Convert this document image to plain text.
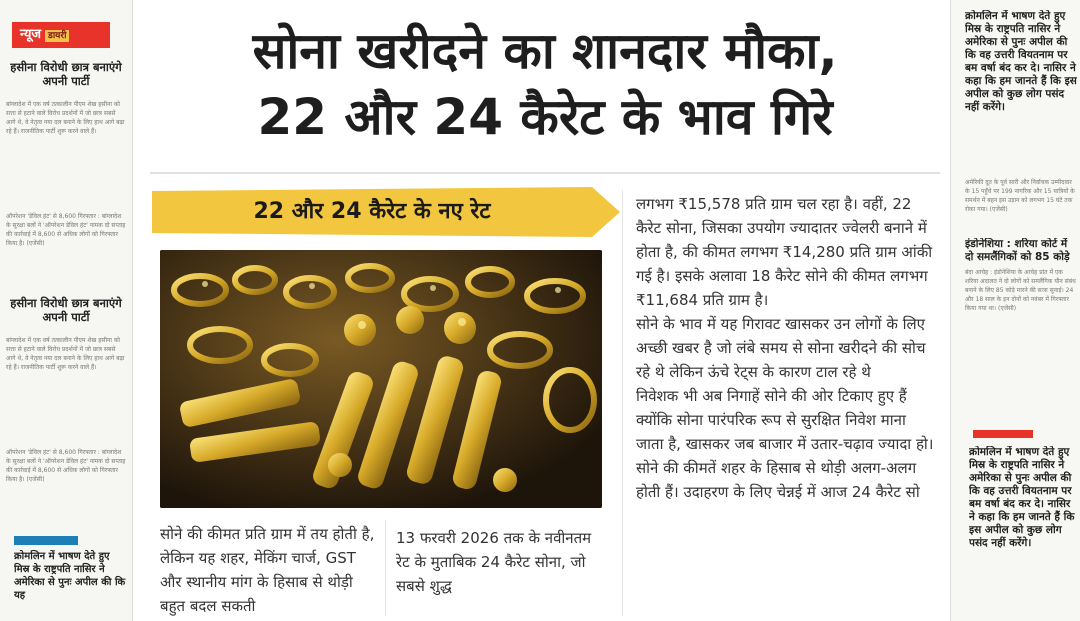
न्यूज डायरी
हसीना विरोधी छात्र बनाएंगे अपनी पार्टी
बांग्लादेश में एक वर्ष तत्कालीन पीएम शेख हसीना को सत्ता से हटाने वाले विरोध प्रदर्शनों में जो छात्र सबसे आगे थे, वे नेतृत्व नया दल बनाने के लिए हाथ आगे बढ़ा रहे हैं। राजनीतिक पार्टी शुरू करने वाले हैं।
ऑपरेशन 'डेविल हंट' से 8,600 गिरफ्तार : बांग्लादेश के सुरक्षा बलों ने 'ऑपरेशन डेविल हंट' नामक दो सप्ताह की कार्रवाई में 8,600 से अधिक लोगों को गिरफ्तार किया है। (एजेंसी)
हसीना विरोधी छात्र बनाएंगे अपनी पार्टी
बांग्लादेश में एक वर्ष तत्कालीन पीएम शेख हसीना को सत्ता से हटाने वाले विरोध प्रदर्शनों में जो छात्र सबसे आगे थे, वे नेतृत्व नया दल बनाने के लिए हाथ आगे बढ़ा रहे हैं। राजनीतिक पार्टी शुरू करने वाले हैं।
ऑपरेशन 'डेविल हंट' से 8,600 गिरफ्तार : बांग्लादेश के सुरक्षा बलों ने 'ऑपरेशन डेविल हंट' नामक दो सप्ताह की कार्रवाई में 8,600 से अधिक लोगों को गिरफ्तार किया है। (एजेंसी)
क्रोमलिन में भाषण देते हुए मिस्र के राष्ट्रपति नासिर ने अमेरिका से पुनः अपील की कि यह
क्रोमलिन में भाषण देते हुए मिस्र के राष्ट्रपति नासिर ने अमेरिका से पुनः अपील की कि वह उत्तरी वियतनाम पर बम वर्षा बंद कर दे। नासिर ने कहा कि हम जानते हैं कि इस अपील को कुछ लोग पसंद नहीं करेंगे।
अमेरिकी दूत के पूर्व सारी और निर्वाचक उम्मीदवार के 15 पहुँचे पर 199 नागरिक और 15 यात्रियों के समर्थन में बहन इस उड़ान को लगभग 15 घंटे तक रोका गया। (एजेंसी)
इंडोनेशिया : शरिया कोर्ट में दो समलैंगिकों को 85 कोड़े
बंदा आचेह : इंडोनेशिया के आचेह प्रांत में एक शरिया अदालत ने दो लोगों को समलैंगिक यौन संबंध बनाने के लिए 85 कोड़े मारने की सजा सुनाई। 24 और 18 साल के इन दोनों को नवंबर में गिरफ्तार किया गया था। (एजेंसी)
क्रोमलिन में भाषण देते हुए मिस्र के राष्ट्रपति नासिर ने अमेरिका से पुनः अपील की कि वह उत्तरी वियतनाम पर बम वर्षा बंद कर दे। नासिर ने कहा कि हम जानते हैं कि इस अपील को कुछ लोग पसंद नहीं करेंगे।
सोना खरीदने का शानदार मौका,
22 और 24 कैरेट के भाव गिरे
22 और 24 कैरेट के नए रेट
सोने की कीमत प्रति ग्राम में तय होती है, लेकिन यह शहर, मेकिंग चार्ज, GST और स्थानीय मांग के हिसाब से थोड़ी बहुत बदल सकती
13 फरवरी 2026 तक के नवीनतम रेट के मुताबिक 24 कैरेट सोना, जो सबसे शुद्ध
लगभग ₹15,578 प्रति ग्राम चल रहा है। वहीं, 22 कैरेट सोना, जिसका उपयोग ज्यादातर ज्वेलरी बनाने में होता है, की कीमत लगभग ₹14,280 प्रति ग्राम आंकी गई है। इसके अलावा 18 कैरेट सोने की कीमत लगभग ₹11,684 प्रति ग्राम है।
सोने के भाव में यह गिरावट खासकर उन लोगों के लिए अच्छी खबर है जो लंबे समय से सोना खरीदने की सोच रहे थे लेकिन ऊंचे रेट्स के कारण टाल रहे थे
निवेशक भी अब निगाहें सोने की ओर टिकाए हुए हैं क्योंकि सोना पारंपरिक रूप से सुरक्षित निवेश माना जाता है, खासकर जब बाजार में उतार-चढ़ाव ज्यादा हो।सोने की कीमतें शहर के हिसाब से थोड़ी अलग-अलग होती हैं। उदाहरण के लिए चेन्नई में आज 24 कैरेट सो
